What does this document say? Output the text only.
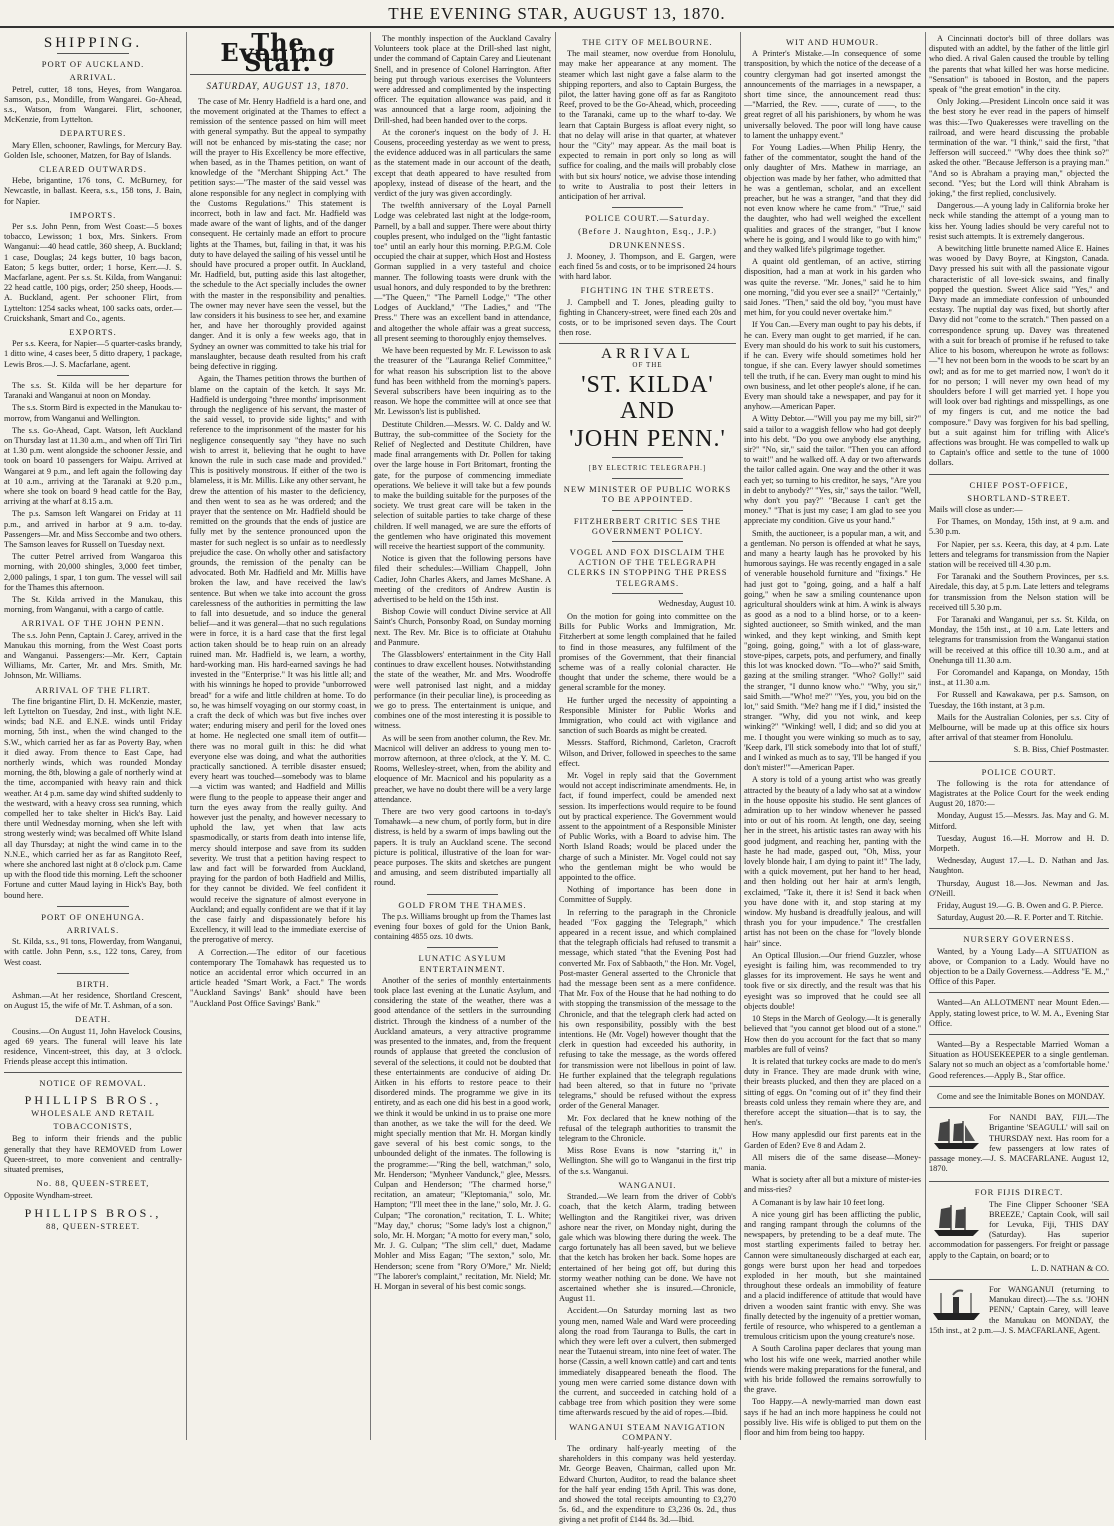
THE EVENING STAR, AUGUST 13, 1870.
SHIPPING.
PORT OF AUCKLAND.
ARRIVAL.

Petrel, cutter, 18 tons, Heyes, from Wangaroa. Samson, p.s., Mondille, from Wangarei. Go-Ahead, s.s., Watson, from Wangarei. Flirt, schooner, McKenzie, from Lyttelton.

DEPARTURES.

Mary Ellen, schooner, Rawlings, for Mercury Bay. Golden Isle, schooner, Matzen, for Bay of Islands.

CLEARED OUTWARDS.

Hebe, brigantine, 176 tons, C. McBurney, for Newcastle, in ballast. Keera, s.s., 158 tons, J. Bain, for Napier.

IMPORTS.

Per s.s. John Penn, from West Coast:—5 boxes tobacco, Lewisson; 1 box, Mrs. Sinkers. From Wanganui:—40 head cattle, 360 sheep, A. Buckland; 1 case, Douglas; 24 kegs butter, 10 bags bacon, Eaton; 5 kegs butter, order; 1 horse, Kerr.—J. S. Macfarlane, agent. Per s.s. St. Kilda, from Wanganui: 22 head cattle, 100 pigs, order; 250 sheep, Hoods.—A. Buckland, agent. Per schooner Flirt, from Lyttelton: 1254 sacks wheat, 100 sacks oats, order.—Cruickshank, Smart and Co., agents.

EXPORTS.

Per s.s. Keera, for Napier—5 quarter-casks brandy, 1 ditto wine, 4 cases beer, 5 ditto drapery, 1 package, Lewis Bros.—J. S. Macfarlane, agent.

The s.s. St. Kilda will be her departure for Taranaki and Wanganui at noon on Monday.

The s.s. Storm Bird is expected in the Manukau to-morrow, from Wanganui and Wellington.

The s.s. Go-Ahead, Capt. Watson, left Auckland on Thursday last at 11.30 a.m., and when off Tiri Tiri at 1.30 p.m. went alongside the schooner Jessie, and took on board 10 passengers for Waipu. Arrived at Wangarei at 9 p.m., and left again the following day at 10 a.m., arriving at the Taranaki at 9.20 p.m., where she took on board 9 head cattle for the Bay, arriving at the wharf at 8.15 a.m.

The p.s. Samson left Wangarei on Friday at 11 p.m., and arrived in harbor at 9 a.m. to-day. Passengers—Mr. and Miss Seccombe and two others. The Samson leaves for Russell on Tuesday next.

The cutter Petrel arrived from Wangaroa this morning, with 20,000 shingles, 3,000 feet timber, 2,000 palings, 1 spar, 1 ton gum. The vessel will sail for the Thames this afternoon.

The St. Kilda arrived in the Manukau, this morning, from Wanganui, with a cargo of cattle.

ARRIVAL OF THE JOHN PENN.

The s.s. John Penn, Captain J. Carey, arrived in the Manukau this morning, from the West Coast ports and Wanganui. Passengers:—Mr. Kerr, Captain Williams, Mr. Carter, Mr. and Mrs. Smith, Mr. Johnson, Mr. Williams.

ARRIVAL OF THE FLIRT.

The fine brigantine Flirt, D. H. McKenzie, master, left Lyttelton on Tuesday, 2nd inst., with light N.E. winds; bad N.E. and E.N.E. winds until Friday morning, 5th inst., when the wind changed to the S.W., which carried her as far as Poverty Bay, when it died away. From thence to East Cape, had northerly winds, which was rounded Monday morning, the 8th, blowing a gale of northerly wind at the time, accompanied with heavy rain and thick weather. At 4 p.m. same day wind shifted suddenly to the westward, with a heavy cross sea running, which compelled her to take shelter in Hick's Bay. Laid there until Wednesday morning, when she left with strong westerly wind; was becalmed off White Island all day Thursday; at night the wind came in to the N.N.E., which carried her as far as Rangitoto Reef, where she anchored last night at 8 o'clock p.m. Came up with the flood tide this morning. Left the schooner Fortune and cutter Maud laying in Hick's Bay, both bound here.

PORT OF ONEHUNGA.
ARRIVALS.

St. Kilda, s.s., 91 tons, Flowerday, from Wanganui, with cattle. John Penn, s.s., 122 tons, Carey, from West coast.

BIRTH.

Ashman.—At her residence, Shortland Crescent, on August 15, the wife of Mr. T. Ashman, of a son.

DEATH.

Cousins.—On August 11, John Havelock Cousins, aged 69 years. The funeral will leave his late residence, Vincent-street, this day, at 3 o'clock. Friends please accept this intimation.

NOTICE OF REMOVAL.
PHILLIPS BROS.,
WHOLESALE AND RETAIL
TOBACCONISTS,

Beg to inform their friends and the public generally that they have REMOVED from Lower Queen-street, to more convenient and centrally-situated premises,

No. 88, QUEEN-STREET,

Opposite Wyndham-street.

PHILLIPS BROS.,
88, QUEEN-STREET.
The Evening Star.
SATURDAY, AUGUST 13, 1870.

The case of Mr. Henry Hadfield is a hard one, and the movement originated at the Thames to effect a remission of the sentence passed on him will meet with general sympathy. But the appeal to sympathy will not be enhanced by mis-stating the case; nor will the prayer to His Excellency be more effective, when based, as in the Thames petition, on want of knowledge of the "Merchant Shipping Act." The petition says:—"The master of the said vessel was alone responsible for any neglect in complying with the Customs Regulations." This statement is incorrect, both in law and fact. Mr. Hadfield was made aware of the want of lights, and of the danger consequent. He certainly made an effort to procure lights at the Thames, but, failing in that, it was his duty to have delayed the sailing of his vessel until he should have procured a proper outfit. In Auckland, Mr. Hadfield, but, putting aside this last altogether, the schedule to the Act specially includes the owner with the master in the responsibility and penalties. The owner may never have seen the vessel, but the law considers it his business to see her, and examine her, and have her thoroughly provided against danger. And it is only a few weeks ago, that in Sydney an owner was committed to take his trial for manslaughter, because death resulted from his craft being defective in rigging.

Again, the Thames petition throws the burthen of blame on the captain of the ketch. It says Mr. Hadfield is undergoing "three months' imprisonment through the negligence of his servant, the master of the said vessel, to provide side lights;" and with reference to the imprisonment of the master for his negligence consequently say "they have no such wish to arrest it, believing that he ought to have known the rule in such case made and provided." This is positively monstrous. If either of the two is blameless, it is Mr. Millis. Like any other servant, he drew the attention of his master to the deficiency, and then went to sea as he was ordered; and the prayer that the sentence on Mr. Hadfield should be remitted on the grounds that the ends of justice are fully met by the sentence pronounced upon the master for such neglect is so unfair as to needlessly prejudice the case. On wholly other and satisfactory grounds, the remission of the penalty can be advocated. Both Mr. Hadfield and Mr. Millis have broken the law, and have received the law's sentence. But when we take into account the gross carelessness of the authorities in permitting the law to fall into desuetude, and so induce the general belief—and it was general—that no such regulations were in force, it is a hard case that the first legal action taken should be to heap ruin on an already ruined man. Mr. Hadfield is, we learn, a worthy, hard-working man. His hard-earned savings he had invested in the "Enterprise." It was his little all; and with his winnings he hoped to provide "unborrowed bread" for a wife and little children at home. To do so, he was himself voyaging on our stormy coast, in a craft the deck of which was but five inches over water; enduring misery and peril for the loved ones at home. He neglected one small item of outfit—there was no moral guilt in this: he did what everyone else was doing, and what the authorities practically sanctioned. A terrible disaster ensued; every heart was touched—somebody was to blame—a victim was wanted; and Hadfield and Millis were flung to the people to appease their anger and turn the eyes away from the really guilty. And however just the penalty, and however necessary to uphold the law, yet when that law acts spasmodically, or starts from death into intense life, mercy should interpose and save from its sudden severity. We trust that a petition having respect to law and fact will be forwarded from Auckland, praying for the pardon of both Hadfield and Millis, for they cannot be divided. We feel confident it would receive the signature of almost everyone in Auckland; and equally confident are we that if it lay the case fairly and dispassionately before his Excellency, it will lead to the immediate exercise of the prerogative of mercy.

A Correction.—The editor of our facetious contemporary The Tomahawk has requested us to notice an accidental error which occurred in an article headed "Smart Work, a Fact." The words "Auckland Savings' Bank" should have been "Auckland Post Office Savings' Bank."

The monthly inspection of the Auckland Cavalry Volunteers took place at the Drill-shed last night, under the command of Captain Carey and Lieutenant Snell, and in presence of Colonel Harrington. After being put through various exercises the Volunteers were addressed and complimented by the inspecting officer. The equitation allowance was paid, and it was announced that a large room, adjoining the Drill-shed, had been handed over to the corps.

At the coroner's inquest on the body of J. H. Cousens, proceeding yesterday as we went to press, the evidence adduced was in all particulars the same as the statement made in our account of the death, except that death appeared to have resulted from apoplexy, instead of disease of the heart, and the verdict of the jury was given accordingly.

The twelfth anniversary of the Loyal Parnell Lodge was celebrated last night at the lodge-room, Parnell, by a ball and supper. There were about thirty couples present, who indulged on the "light fantastic toe" until an early hour this morning. P.P.G.M. Cole occupied the chair at supper, which Host and Hostess Gorman supplied in a very tasteful and choice manner. The following toasts were drunk with the usual honors, and duly responded to by the brethren:—"The Queen," "The Parnell Lodge," "The other Lodges of Auckland," "The Ladies," and "The Press." There was an excellent band in attendance, and altogether the whole affair was a great success, all present seeming to thoroughly enjoy themselves.

We have been requested by Mr. F. Lewisson to ask the treasurer of the "Lauranga Relief Committee," for what reason his subscription list to the above fund has been withheld from the morning's papers. Several subscribers have been inquiring as to the reason. We hope the committee will at once see that Mr. Lewisson's list is published.

Destitute Children.—Messrs. W. C. Daldy and W. Buttray, the sub-committee of the Society for the Relief of Neglected and Destitute Children, have made final arrangements with Dr. Pollen for taking over the large house in Fort Britomart, fronting the gate, for the purpose of commencing immediate operations. We believe it will take but a few pounds to make the building suitable for the purposes of the society. We trust great care will be taken in the selection of suitable parties to take charge of these children. If well managed, we are sure the efforts of the gentlemen who have originated this movement will receive the heartiest support of the community.

Notice is given that the following persons have filed their schedules:—William Chappell, John Cadier, John Charles Akers, and James McShane. A meeting of the creditors of Andrew Austin is advertised to be held on the 15th inst.

Bishop Cowie will conduct Divine service at All Saint's Church, Ponsonby Road, on Sunday morning next. The Rev. Mr. Bice is to officiate at Otahuhu and Panmure.

The Glassblowers' entertainment in the City Hall continues to draw excellent houses. Notwithstanding the state of the weather, Mr. and Mrs. Woodroffe were well patronised last night, and a midday performance (in their peculiar line), is proceeding as we go to press. The entertainment is unique, and combines one of the most interesting it is possible to witness.

As will be seen from another column, the Rev. Mr. Macnicol will deliver an address to young men to-morrow afternoon, at three o'clock, at the Y. M. C. Rooms, Wellesley-street, when, from the ability and eloquence of Mr. Macnicol and his popularity as a preacher, we have no doubt there will be a very large attendance.

There are two very good cartoons in to-day's Tomahawk—a new chum, of portly form, but in dire distress, is held by a swarm of imps bawling out the papers. It is truly an Auckland scene. The second picture is political, illustrative of the loan for war-peace purposes. The skits and sketches are pungent and amusing, and seem distributed impartially all round.

GOLD FROM THE THAMES.

The p.s. Williams brought up from the Thames last evening four boxes of gold for the Union Bank, containing 4855 ozs. 10 dwts.

LUNATIC ASYLUM ENTERTAINMENT.

Another of the series of monthly entertainments took place last evening at the Lunatic Asylum, and considering the state of the weather, there was a good attendance of the settlers in the surrounding district. Through the kindness of a number of the Auckland amateurs, a very attractive programme was presented to the inmates, and, from the frequent rounds of applause that greeted the conclusion of several of the selections, it could not be doubted that these entertainments are conducive of aiding Dr. Aitken in his efforts to restore peace to their disordered minds. The programme we give in its entirety, and as each one did his best in a good work, we think it would be unkind in us to praise one more than another, as we take the will for the deed. We might specially mention that Mr. H. Morgan kindly gave several of his best comic songs, to the unbounded delight of the inmates. The following is the programme:—"Ring the bell, watchman," solo, Mr. Henderson; "Mynheer Vandunck," glee, Messrs. Culpan and Henderson; "The charmed horse," recitation, an amateur; "Kleptomania," solo, Mr. Hampton; "I'll meet thee in the lane," solo, Mr. J. G. Culpan; "The coronation," recitation, T. L. White; "May day," chorus; "Some lady's lost a chignon," solo, Mr. H. Morgan; "A motto for every man," solo, Mr. J. G. Culpan; "The slim cell," duet, Madame Mohler and Miss Eagan; "The sexton," solo, Mr. Henderson; scene from "Rory O'More," Mr. Nield; "The laborer's complaint," recitation, Mr. Nield; Mr. H. Morgan in several of his best comic songs.

THE CITY OF MELBOURNE.

The mail steamer, now overdue from Honolulu, may make her appearance at any moment. The steamer which last night gave a false alarm to the shipping reporters, and also to Captain Burgess, the pilot, the latter having gone off as far as Rangitoto Reef, proved to be the Go-Ahead, which, proceeding to the Taranaki, came up to the wharf to-day. We learn that Captain Burgess is afloat every night, so that no delay will arise in that quarter, at whatever hour the "City" may appear. As the mail boat is expected to remain in port only so long as will suffice for coaling, and the mails will probably close with but six hours' notice, we advise those intending to write to Australia to post their letters in anticipation of her arrival.

POLICE COURT.—Saturday.
(Before J. Naughton, Esq., J.P.)
DRUNKENNESS.

J. Mooney, J. Thompson, and E. Gargen, were each fined 5s and costs, or to be imprisoned 24 hours with hard labor.

FIGHTING IN THE STREETS.

J. Campbell and T. Jones, pleading guilty to fighting in Chancery-street, were fined each 20s and costs, or to be imprisoned seven days. The Court then rose.

ARRIVAL
OF THE
'ST. KILDA' AND
'JOHN PENN.'
[BY ELECTRIC TELEGRAPH.]
NEW MINISTER OF PUBLIC WORKS TO BE APPOINTED.
FITZHERBERT CRITIC SES THE GOVERNMENT POLICY.
VOGEL AND FOX DISCLAIM THE ACTION OF THE TELEGRAPH CLERKS IN STOPPING THE PRESS TELEGRAMS.
Wednesday, August 10.

On the motion for going into committee on the Bills for Public Works and Immigration, Mr. Fitzherbert at some length complained that he failed to find in those measures, any fulfilment of the promises of the Government, that their financial scheme was of a really colonial character. He thought that under the scheme, there would be a general scramble for the money.

He further urged the necessity of appointing a Responsible Minister for Public Works and Immigration, who could act with vigilance and sanction of such Boards as might be created.

Messrs. Stafford, Richmond, Carleton, Cracroft Wilson, and Driver, followed in speeches to the same effect.

Mr. Vogel in reply said that the Government would not accept indiscriminate amendments. He, in fact, if found imperfect, could be amended next session. Its imperfections would require to be found out by practical experience. The Government would assent to the appointment of a Responsible Minister of Public Works, with a Board to advise him. The North Island Roads; would be placed under the charge of such a Minister. Mr. Vogel could not say who the gentleman might be who would be appointed to the office.

Nothing of importance has been done in Committee of Supply.

In referring to the paragraph in the Chronicle headed "Fox gagging the Telegraph," which appeared in a recent issue, and which complained that the telegraph officials had refused to transmit a message, which stated "that the Evening Post had converted Mr. Fox of Sabbaoth," the Hon. Mr. Vogel, Post-master General asserted to the Chronicle that had the message been sent as a mere confidence. That Mr. Fox of the House that he had nothing to do with stopping the transmission of the message to the Chronicle, and that the telegraph clerk had acted on his own responsibility, possibly with the best intentions. He (Mr. Vogel) however thought that the clerk in question had exceeded his authority, in refusing to take the message, as the words offered for transmission were not libellous in point of law. He further explained that the telegraph regulations had been altered, so that in future no "private telegrams," should be refused without the express order of the General Manager.

Mr. Fox declared that he knew nothing of the refusal of the telegraph authorities to transmit the telegram to the Chronicle.

Miss Rose Evans is now "starring it," in Wellington. She will go to Wanganui in the first trip of the s.s. Wanganui.

WANGANUI.

Stranded.—We learn from the driver of Cobb's coach, that the ketch Alarm, trading between Wellington and the Rangitikei river, was driven ashore near the river, on Monday night, during the gale which was blowing there during the week. The cargo fortunately has all been saved, but we believe that the ketch has broken her back. Some hopes are entertained of her being got off, but during this stormy weather nothing can be done. We have not ascertained whether she is insured.—Chronicle, August 11.

Accident.—On Saturday morning last as two young men, named Wale and Ward were proceeding along the road from Tauranga to Bulls, the cart in which they were left over a culvert, then submerged near the Tutaenui stream, into nine feet of water. The horse (Cassin, a well known cattle) and cart and tents immediately disappeared beneath the flood. The young men were carried some distance down with the current, and succeeded in catching hold of a cabbage tree from which position they were some time afterwards rescued by the aid of ropes.—Ibid.

WANGANUI STEAM NAVIGATION COMPANY.

The ordinary half-yearly meeting of the shareholders in this company was held yesterday. Mr. George Beaven, Chairman, called upon Mr. Edward Churton, Auditor, to read the balance sheet for the half year ending 15th April. This was done, and showed the total receipts amounting to £3,270 5s. 6d., and the expenditure to £3,236 0s. 2d., thus giving a net profit of £144 8s. 3d.—Ibid.

WIT AND HUMOUR.

A Printer's Mistake.—In consequence of some transposition, by which the notice of the decease of a country clergyman had got inserted amongst the announcements of the marriages in a newspaper, a short time since, the announcement read thus:—"Married, the Rev. ——, curate of ——, to the great regret of all his parishioners, by whom he was universally beloved. The poor will long have cause to lament the unhappy event."

For Young Ladies.—When Philip Henry, the father of the commentator, sought the hand of the only daughter of Mrs. Mathew in marriage, an objection was made by her father, who admitted that he was a gentleman, scholar, and an excellent preacher, but he was a stranger, "and that they did not even know where he came from." "True," said the daughter, who had well weighed the excellent qualities and graces of the stranger, "but I know where he is going, and I would like to go with him;" and they walked life's pilgrimage together.

A quaint old gentleman, of an active, stirring disposition, had a man at work in his garden who was quite the reverse. "Mr. Jones," said he to him one morning, "did you ever see a snail?" "Certainly," said Jones. "Then," said the old boy, "you must have met him, for you could never overtake him."

If You Can.—Every man ought to pay his debts, if he can. Every man ought to get married, if he can. Every man should do his work to suit his customers, if he can. Every wife should sometimes hold her tongue, if she can. Every lawyer should sometimes tell the truth, if he can. Every man ought to mind his own business, and let other people's alone, if he can. Every man should take a newspaper, and pay for it anyhow.—American Paper.

A Witty Debtor.—"Will you pay me my bill, sir?" said a tailor to a waggish fellow who had got deeply into his debt. "Do you owe anybody else anything, sir?" "No, sir," said the tailor. "Then you can afford to wait!" and he walked off. A day or two afterwards the tailor called again. One way and the other it was each yet; so turning to his creditor, he says, "Are you in debt to anybody?" "Yes, sir," says the tailor. "Well, why don't you pay?" "Because I can't get the money." "That is just my case; I am glad to see you appreciate my condition. Give us your hand."

Smith, the auctioneer, is a popular man, a wit, and a gentleman. No person is offended at what he says, and many a hearty laugh has he provoked by his humorous sayings. He was recently engaged in a sale of venerable household furniture and "fixings." He had just got to "going, going, and a half a half going," when he saw a smiling countenance upon agricultural shoulders wink at him. A wink is always as good as a nod to a blind horse, or to a keen-sighted auctioneer, so Smith winked, and the man winked, and they kept winking, and Smith kept "going, going, going," with a lot of glass-ware, stove-pipes, carpets, pots, and perfumery, and finally this lot was knocked down. "To—who?" said Smith, gazing at the smiling stranger. "Who? Golly!" said the stranger, "I dunno know who." "Why, you sir," said Smith.—"Who! me?" "Yes, you, you bid on the lot," said Smith. "Me? hang me if I did," insisted the stranger. "Why, did you not wink, and keep winking?" "Winking! well, I did; and so did you at me. I thought you were winking so much as to say, 'Keep dark, I'll stick somebody into that lot of stuff,' and I winked as much as to say, 'I'll be hanged if you don't mister!'"—American Paper.

A story is told of a young artist who was greatly attracted by the beauty of a lady who sat at a window in the house opposite his studio. He sent glances of admiration up to her window whenever he passed into or out of his room. At length, one day, seeing her in the street, his artistic tastes ran away with his good judgment, and reaching her, panting with the haste he had made, gasped out, "Oh, Miss, your lovely blonde hair, I am dying to paint it!" The lady, with a quick movement, put her hand to her head, and then holding out her hair at arm's length, exclaimed, "Take it, there it is! Send it back when you have done with it, and stop staring at my window. My husband is dreadfully jealous, and will thrash you for your impudence." The crestfallen artist has not been on the chase for "lovely blonde hair" since.

An Optical Illusion.—Our friend Guzzler, whose eyesight is failing him, was recommended to try glasses for its improvement. He says he went and took five or six directly, and the result was that his eyesight was so improved that he could see all objects double!

10 Steps in the March of Geology.—It is generally believed that "you cannot get blood out of a stone." How then do you account for the fact that so many marbles are full of veins?

It is related that turkey cocks are made to do men's duty in France. They are made drunk with wine, their breasts plucked, and then they are placed on a sitting of eggs. On "coming out of it" they find their breasts cold unless they remain where they are, and therefore accept the situation—that is to say, the hen's.

How many applesdid our first parents eat in the Garden of Eden? Eve 8 and Adam 2.

All misers die of the same disease—Money-mania.

What is society after all but a mixture of mister-ies and miss-ries?

A Comanant is by law hair 10 feet long.

A nice young girl has been afflicting the public, and ranging rampant through the columns of the newspapers, by pretending to be a deaf mute. The most startling experiments failed to betray her. Cannon were simultaneously discharged at each ear, gongs were burst upon her head and torpedoes exploded in her mouth, but she maintained throughout these ordeals an immobility of feature and a placid indifference of attitude that would have driven a wooden saint frantic with envy. She was finally detected by the ingenuity of a prettier woman, fertile of resource, who whispered to a gentleman a tremulous criticism upon the young creature's nose.

A South Carolina paper declares that young man who lost his wife one week, married another while friends were making preparations for the funeral, and with his bride followed the remains sorrowfully to the grave.

Too Happy.—A newly-married man down east says if he had an inch more happiness he could not possibly live. His wife is obliged to put them on the floor and him from being too happy.

A Cincinnati doctor's bill of three dollars was disputed with an addtel, by the father of the little girl who died. A rival Galen caused the trouble by telling the parents that what killed her was horse medicine. "Sensation" is tabooed in Boston, and the papers speak of "the great emotion" in the city.

Only Joking.—President Lincoln once said it was the best story he ever read in the papers of himself was this:—Two Quakeresses were travelling on the railroad, and were heard discussing the probable termination of the war. "I think," said the first, "that Jefferson will succeed." "Why does thee think so?" asked the other. "Because Jefferson is a praying man." "And so is Abraham a praying man," objected the second. "Yes; but the Lord will think Abraham is joking," the first replied, conclusively.

Dangerous.—A young lady in California broke her neck while standing the attempt of a young man to kiss her. Young ladies should be very careful not to resist such attempts. It is extremely dangerous.

A bewitching little brunette named Alice E. Haines was wooed by Davy Boyre, at Kingston, Canada. Davy pressed his suit with all the passionate vigour characteristic of all love-sick swains, and finally popped the question. Sweet Alice said "Yes," and Davy made an immediate confession of unbounded ecstasy. The nuptial day was fixed, but shortly after Davy did not "come to the scratch." Then passed on a correspondence sprung up. Davey was threatened with a suit for breach of promise if he refused to take Alice to his bosom, whereupon he wrote as follows:—"I hev not been born in the woods to be scart by an owl; and as for me to get married now, I won't do it for no person; I will never my own head of my shoulders before I will get married yet. I hope you will look over bad rightings and misspellings, as one of my fingers is cut, and me notice the bad composure." Davy was forgiven for his bad spelling, but a suit against him for trifling with Alice's affections was brought. He was compelled to walk up to Captain's office and settle to the tune of 1000 dollars.

CHIEF POST-OFFICE,
SHORTLAND-STREET.

Mails will close as under:—

For Thames, on Monday, 15th inst, at 9 a.m. and 5.30 p.m.

For Napier, per s.s. Keera, this day, at 4 p.m. Late letters and telegrams for transmission from the Napier station will be received till 4.30 p.m.

For Taranaki and the Southern Provinces, per s.s. Airedale, this day, at 5 p.m. Late letters and telegrams for transmission from the Nelson station will be received till 5.30 p.m.

For Taranaki and Wanganui, per s.s. St. Kilda, on Monday, the 15th inst., at 10 a.m. Late letters and telegrams for transmission from the Wanganui station will be received at this office till 10.30 a.m., and at Onehunga till 11.30 a.m.

For Coromandel and Kapanga, on Monday, 15th inst., at 11.30 a.m.

For Russell and Kawakawa, per p.s. Samson, on Tuesday, the 16th instant, at 3 p.m.

Mails for the Australian Colonies, per s.s. City of Melbourne, will be made up at this office six hours after arrival of that steamer from Honolulu.

S. B. Biss, Chief Postmaster.
POLICE COURT.

The following is the rota for attendance of Magistrates at the Police Court for the week ending August 20, 1870:—

Monday, August 15.—Messrs. Jas. May and G. M. Mitford.

Tuesday, August 16.—H. Morrow and H. D. Morpeth.

Wednesday, August 17.—L. D. Nathan and Jas. Naughton.

Thursday, August 18.—Jos. Newman and Jas. O'Neill.

Friday, August 19.—G. B. Owen and G. P. Pierce.

Saturday, August 20.—R. F. Porter and T. Ritchie.

NURSERY GOVERNESS.

Wanted, by a Young Lady—A SITUATION as above, or Companion to a Lady. Would have no objection to be a Daily Governess.—Address "E. M.," Office of this Paper.

Wanted—An ALLOTMENT near Mount Eden.—Apply, stating lowest price, to W. M. A., Evening Star Office.

Wanted—By a Respectable Married Woman a Situation as HOUSEKEEPER to a single gentleman. Salary not so much an object as a 'comfortable home.' Good references.—Apply B., Star office.

Come and see the Inimitable Bones on MONDAY.

For NANDI BAY, FIJI.—The Brigantine 'SEAGULL' will sail on THURSDAY next. Has room for a few passengers at low rates of passage money.—J. S. MACFARLANE. August 12, 1870.

FOR FIJIS DIRECT.

The Fine Clipper Schooner 'SEA BREEZE,' Captain Cook, will sail for Levuka, Fiji, THIS DAY (Saturday). Has superior accommodation for passengers. For freight or passage apply to the Captain, on board; or to

L. D. NATHAN & CO.

For WANGANUI (returning to Manukau direct).—The s.s. 'JOHN PENN,' Captain Carey, will leave the Manukau on MONDAY, the 15th inst., at 2 p.m.—J. S. MACFARLANE, Agent.
